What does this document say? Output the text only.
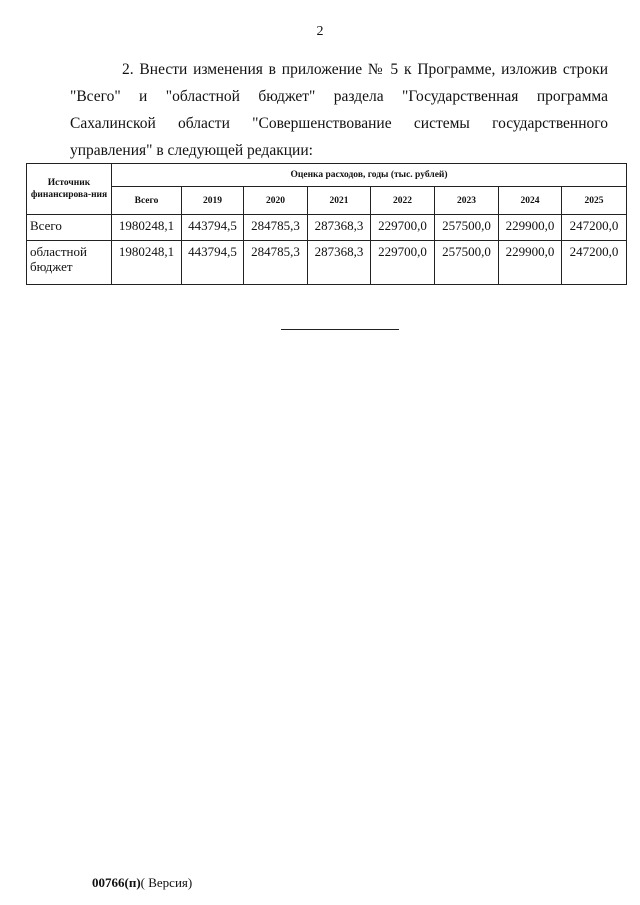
2

2. Внести изменения в приложение № 5 к Программе, изложив строки "Всего" и "областной бюджет" раздела "Государственная программа Сахалинской области "Совершенствование системы государственного управления" в следующей редакции:

Источник финансирова-ния	Оценка расходов, годы (тыс. рублей)							
	Всего	2019	2020	2021	2022	2023	2024	2025
Всего	1980248,1	443794,5	284785,3	287368,3	229700,0	257500,0	229900,0	247200,0
областной бюджет	1980248,1	443794,5	284785,3	287368,3	229700,0	257500,0	229900,0	247200,0
00766(п)( Версия)
